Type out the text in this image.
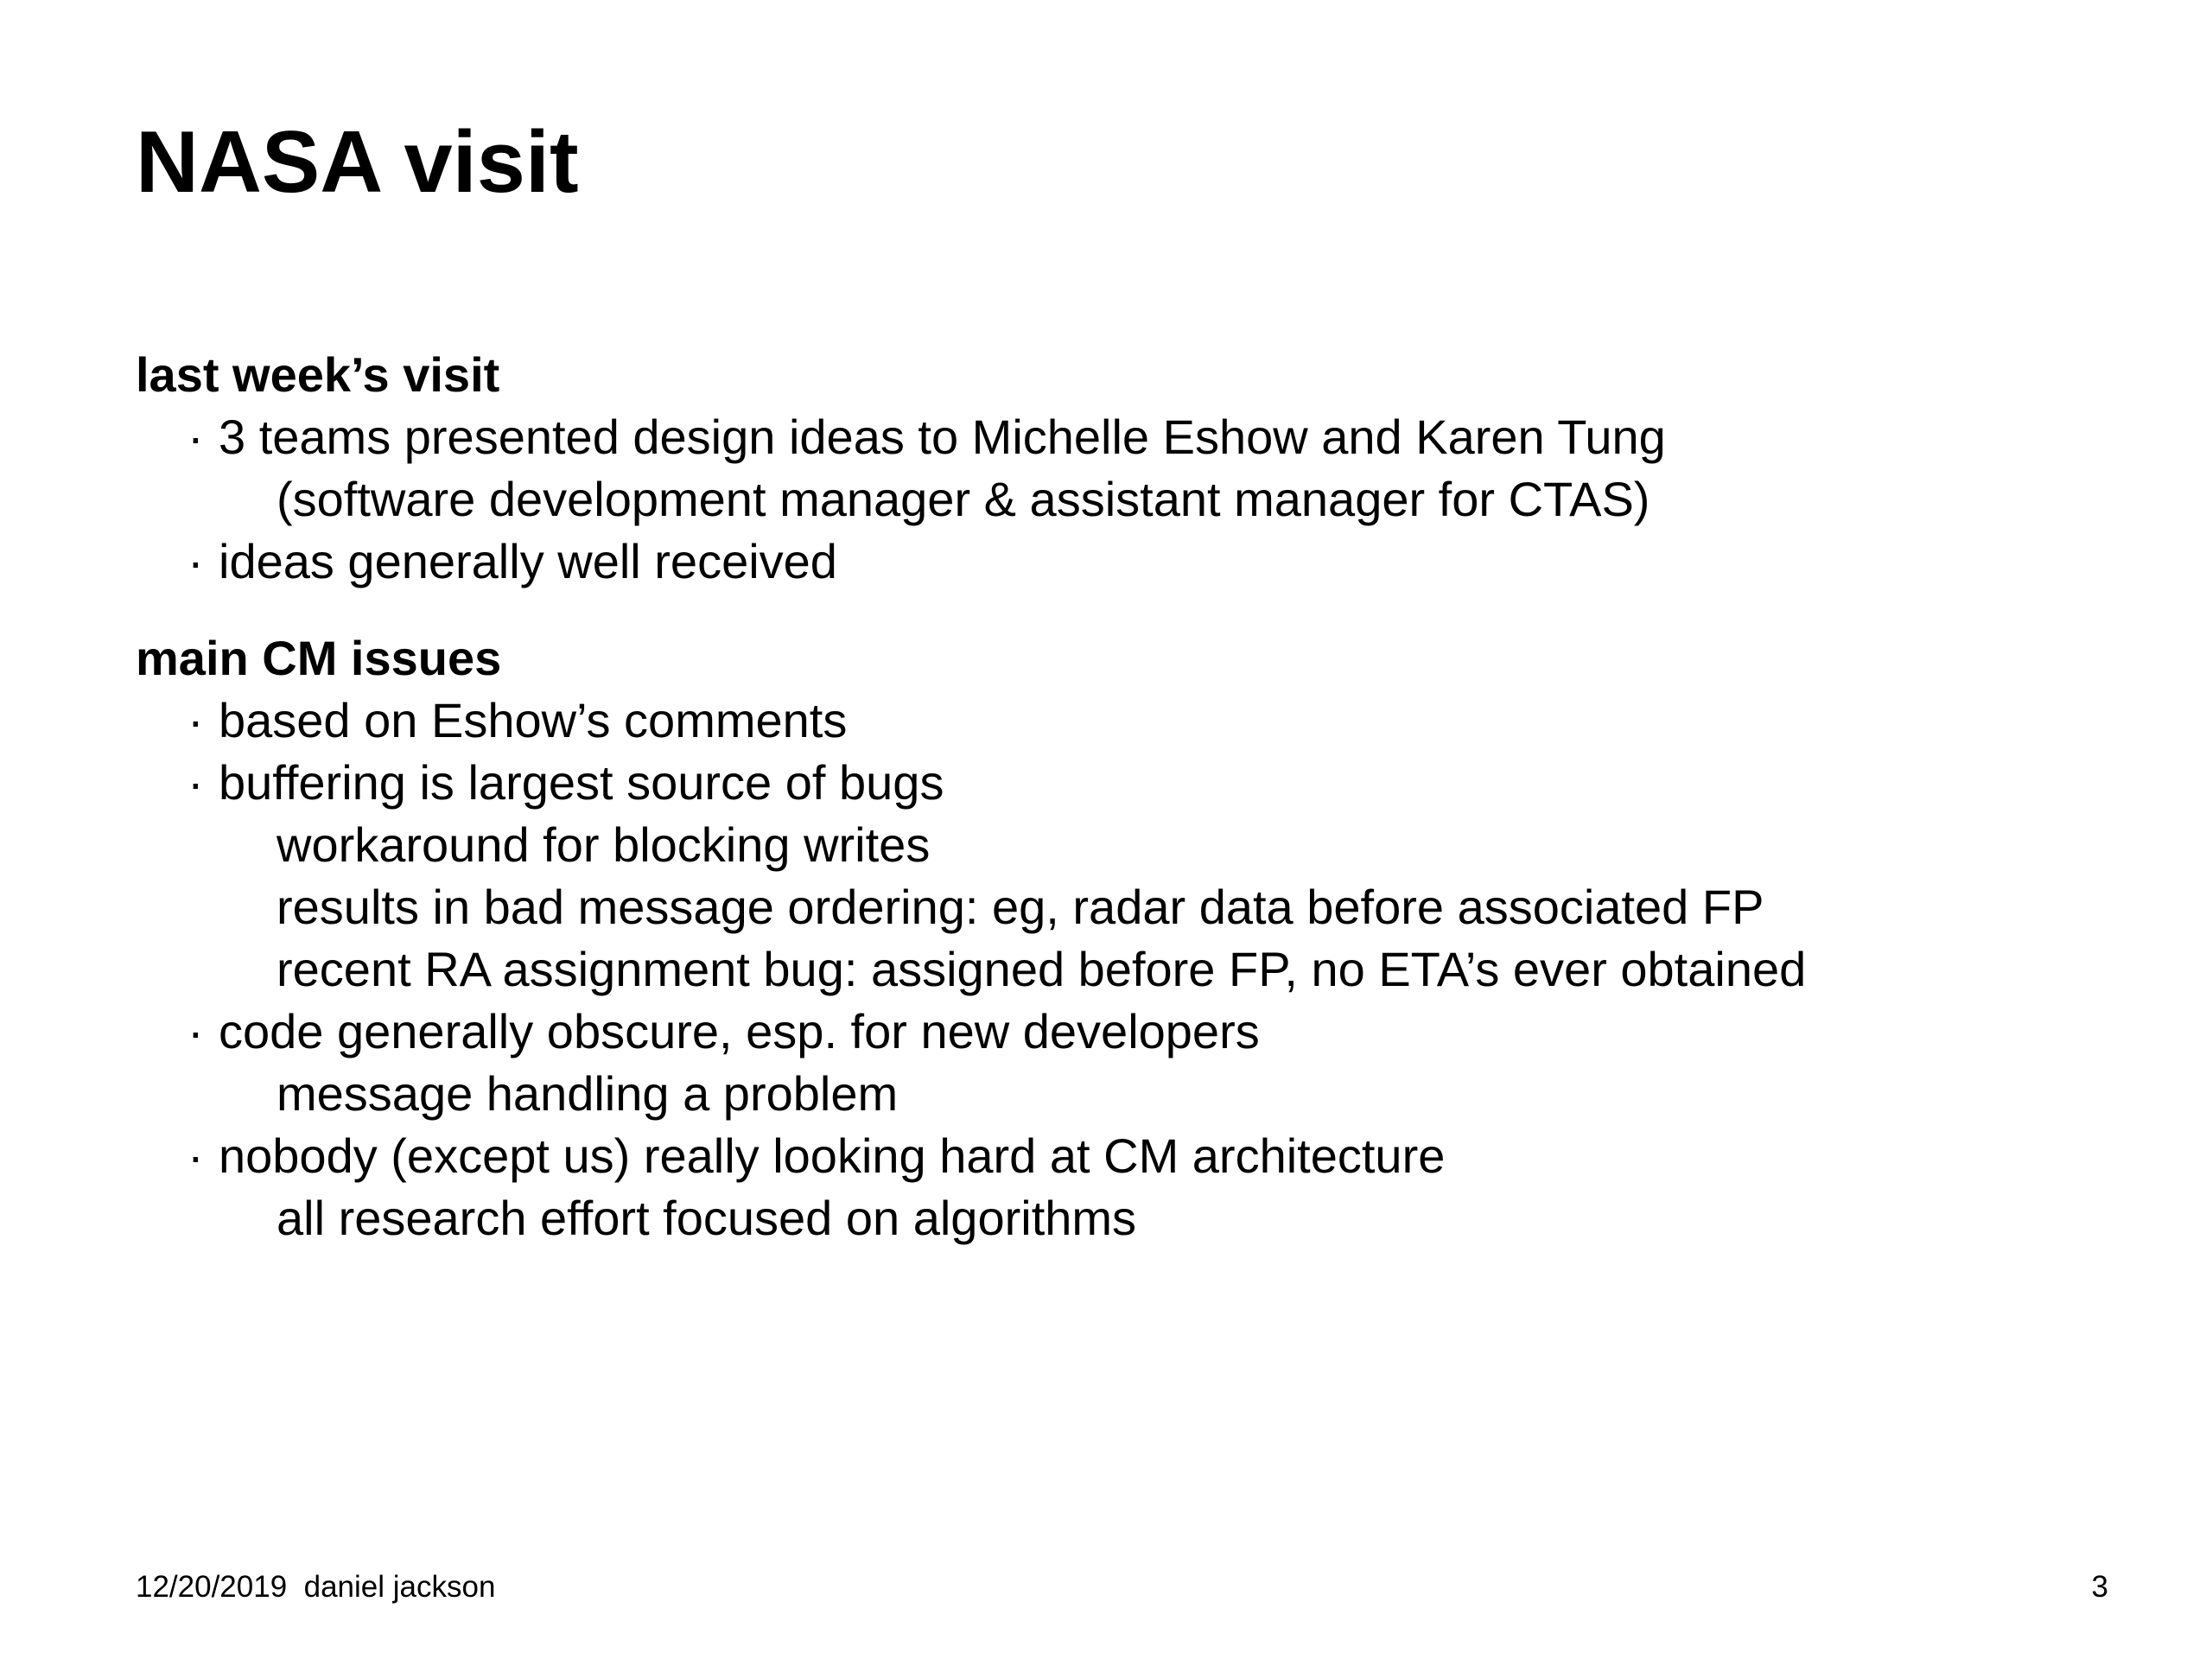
NASA visit
last week’s visit
· 3 teams presented design ideas to Michelle Eshow and Karen Tung
(software development manager & assistant manager for CTAS)
· ideas generally well received
main CM issues
· based on Eshow’s comments
· buffering is largest source of bugs
workaround for blocking writes
results in bad message ordering: eg, radar data before associated FP
recent RA assignment bug: assigned before FP, no ETA’s ever obtained
· code generally obscure, esp. for new developers
message handling a problem
· nobody (except us) really looking hard at CM architecture
all research effort focused on algorithms
12/20/2019 daniel jackson	3
